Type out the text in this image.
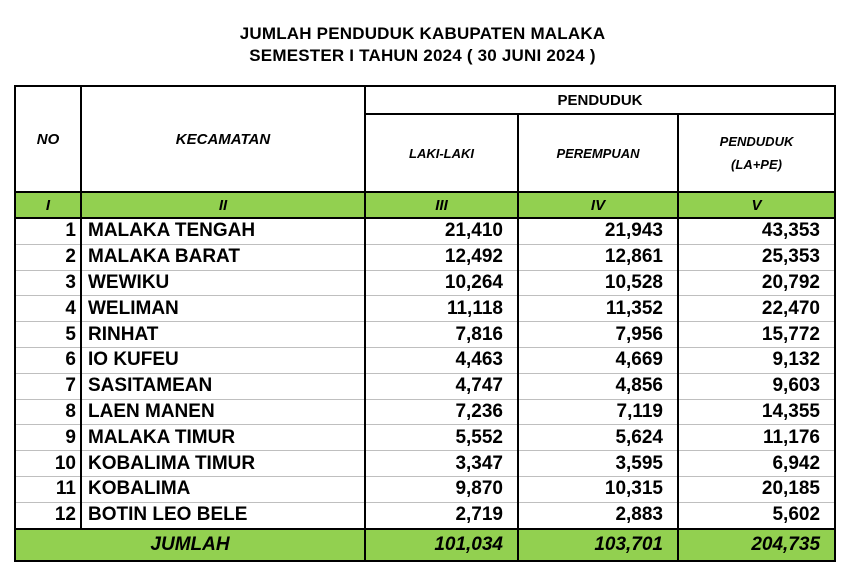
JUMLAH PENDUDUK KABUPATEN MALAKA
SEMESTER I TAHUN 2024 ( 30 JUNI 2024 )
NO	KECAMATAN	PENDUDUK		
		LAKI-LAKI	PEREMPUAN	PENDUDUK
(LA+PE)

I	II	III	IV	V
1	MALAKA TENGAH	21,410	21,943	43,353
2	MALAKA BARAT	12,492	12,861	25,353
3	WEWIKU	10,264	10,528	20,792
4	WELIMAN	11,118	11,352	22,470
5	RINHAT	7,816	7,956	15,772
6	IO KUFEU	4,463	4,669	9,132
7	SASITAMEAN	4,747	4,856	9,603
8	LAEN MANEN	7,236	7,119	14,355
9	MALAKA TIMUR	5,552	5,624	11,176
10	KOBALIMA TIMUR	3,347	3,595	6,942
11	KOBALIMA	9,870	10,315	20,185
12	BOTIN LEO BELE	2,719	2,883	5,602
JUMLAH		101,034	103,701	204,735
